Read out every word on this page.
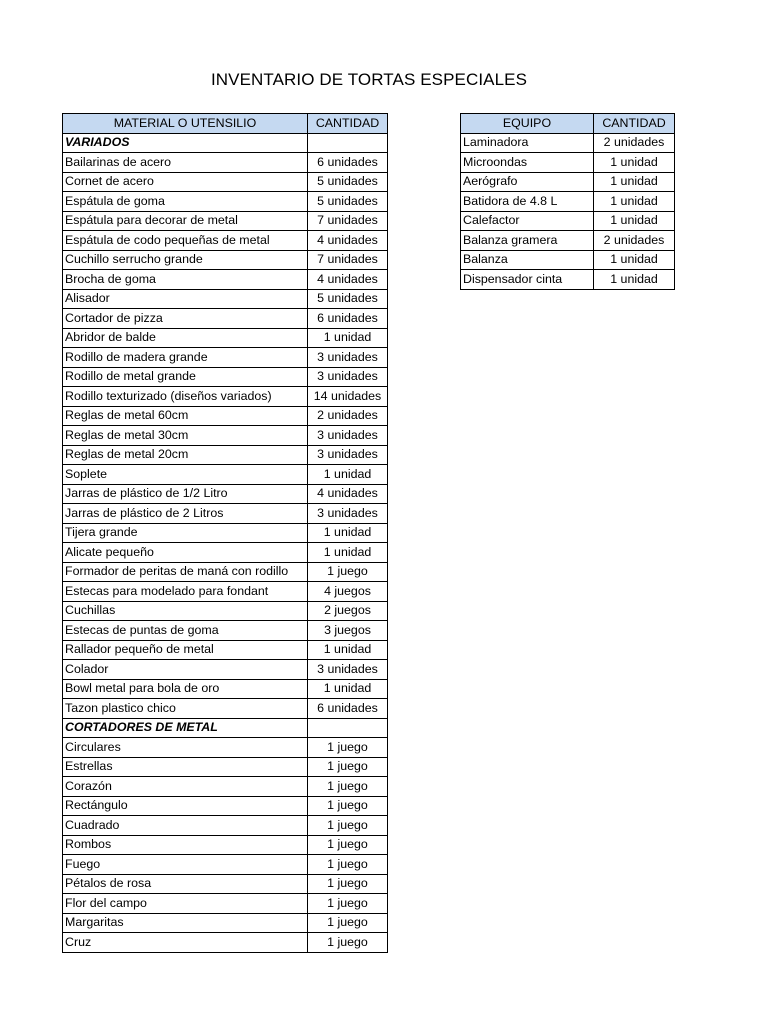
INVENTARIO DE TORTAS ESPECIALES
MATERIAL O UTENSILIO	CANTIDAD
VARIADOS	
Bailarinas de acero	6 unidades
Cornet de acero	5 unidades
Espátula de goma	5 unidades
Espátula para decorar de metal	7 unidades
Espátula de codo pequeñas de metal	4 unidades
Cuchillo serrucho grande	7 unidades
Brocha de goma	4 unidades
Alisador	5 unidades
Cortador de pizza	6 unidades
Abridor de balde	1 unidad
Rodillo de madera grande	3 unidades
Rodillo de metal grande	3 unidades
Rodillo texturizado (diseños variados)	14 unidades
Reglas de metal 60cm	2 unidades
Reglas de metal 30cm	3 unidades
Reglas de metal 20cm	3 unidades
Soplete	1 unidad
Jarras de plástico de 1/2 Litro	4 unidades
Jarras de plástico de 2 Litros	3 unidades
Tijera grande	1 unidad
Alicate pequeño	1 unidad
Formador de peritas de maná con rodillo	1 juego
Estecas para modelado para fondant	4 juegos
Cuchillas	2 juegos
Estecas de puntas de goma	3 juegos
Rallador pequeño de metal	1 unidad
Colador	3 unidades
Bowl metal para bola de oro	1 unidad
Tazon plastico chico	6 unidades
CORTADORES DE METAL	
Circulares	1 juego
Estrellas	1 juego
Corazón	1 juego
Rectángulo	1 juego
Cuadrado	1 juego
Rombos	1 juego
Fuego	1 juego
Pétalos de rosa	1 juego
Flor del campo	1 juego
Margaritas	1 juego
Cruz	1 juego
EQUIPO	CANTIDAD
Laminadora	2 unidades
Microondas	1 unidad
Aerógrafo	1 unidad
Batidora de 4.8 L	1 unidad
Calefactor	1 unidad
Balanza gramera	2 unidades
Balanza	1 unidad
Dispensador cinta	1 unidad
